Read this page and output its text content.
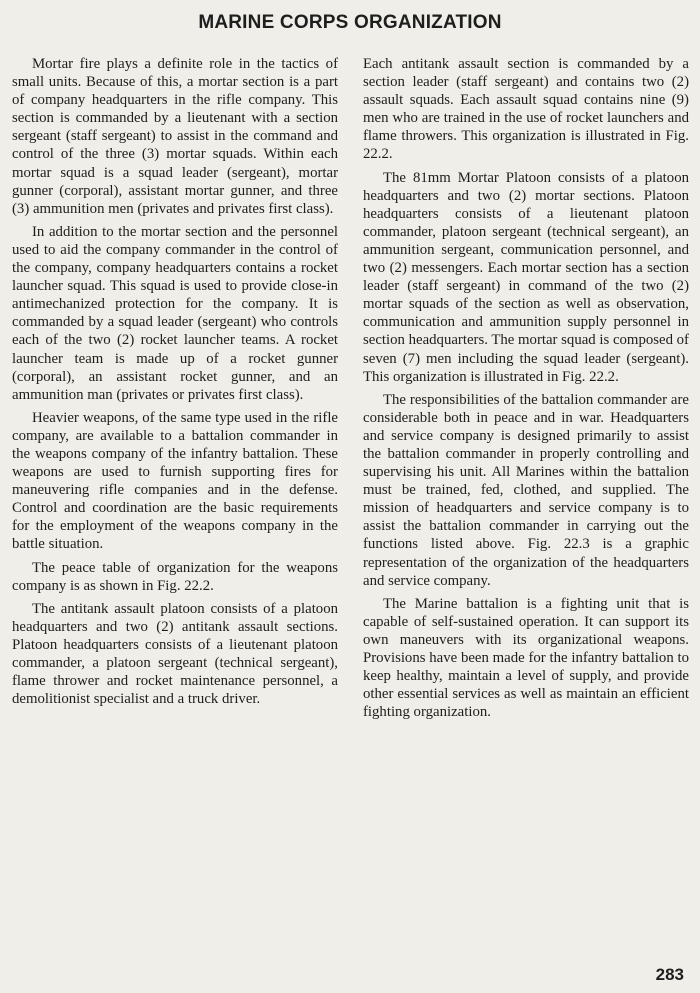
MARINE CORPS ORGANIZATION

Mortar fire plays a definite role in the tactics of small units. Because of this, a mortar section is a part of company headquarters in the rifle company. This section is commanded by a lieutenant with a section sergeant (staff sergeant) to assist in the command and control of the three (3) mortar squads. Within each mortar squad is a squad leader (sergeant), mortar gunner (corporal), assistant mortar gunner, and three (3) ammunition men (privates and privates first class).

In addition to the mortar section and the personnel used to aid the company commander in the control of the company, company headquarters contains a rocket launcher squad. This squad is used to provide close-in antimechanized protection for the company. It is commanded by a squad leader (sergeant) who controls each of the two (2) rocket launcher teams. A rocket launcher team is made up of a rocket gunner (corporal), an assistant rocket gunner, and an ammunition man (privates or privates first class).

Heavier weapons, of the same type used in the rifle company, are available to a battalion commander in the weapons company of the infantry battalion. These weapons are used to furnish supporting fires for maneuvering rifle companies and in the defense. Control and coordination are the basic requirements for the employment of the weapons company in the battle situation.

The peace table of organization for the weapons company is as shown in Fig. 22.2.

The antitank assault platoon consists of a platoon headquarters and two (2) antitank assault sections. Platoon headquarters consists of a lieutenant platoon commander, a platoon sergeant (technical sergeant), flame thrower and rocket maintenance personnel, a demolitionist specialist and a truck driver.

Each antitank assault section is commanded by a section leader (staff sergeant) and contains two (2) assault squads. Each assault squad contains nine (9) men who are trained in the use of rocket launchers and flame throwers. This organization is illustrated in Fig. 22.2.

The 81mm Mortar Platoon consists of a platoon headquarters and two (2) mortar sections. Platoon headquarters consists of a lieutenant platoon commander, platoon sergeant (technical sergeant), an ammunition sergeant, communication personnel, and two (2) messengers. Each mortar section has a section leader (staff sergeant) in command of the two (2) mortar squads of the section as well as observation, communication and ammunition supply personnel in section headquarters. The mortar squad is composed of seven (7) men including the squad leader (sergeant). This organization is illustrated in Fig. 22.2.

The responsibilities of the battalion commander are considerable both in peace and in war. Headquarters and service company is designed primarily to assist the battalion commander in properly controlling and supervising his unit. All Marines within the battalion must be trained, fed, clothed, and supplied. The mission of headquarters and service company is to assist the battalion commander in carrying out the functions listed above. Fig. 22.3 is a graphic representation of the organization of the headquarters and service company.

The Marine battalion is a fighting unit that is capable of self-sustained operation. It can support its own maneuvers with its organizational weapons. Provisions have been made for the infantry battalion to keep healthy, maintain a level of supply, and provide other essential services as well as maintain an efficient fighting organization.

283
